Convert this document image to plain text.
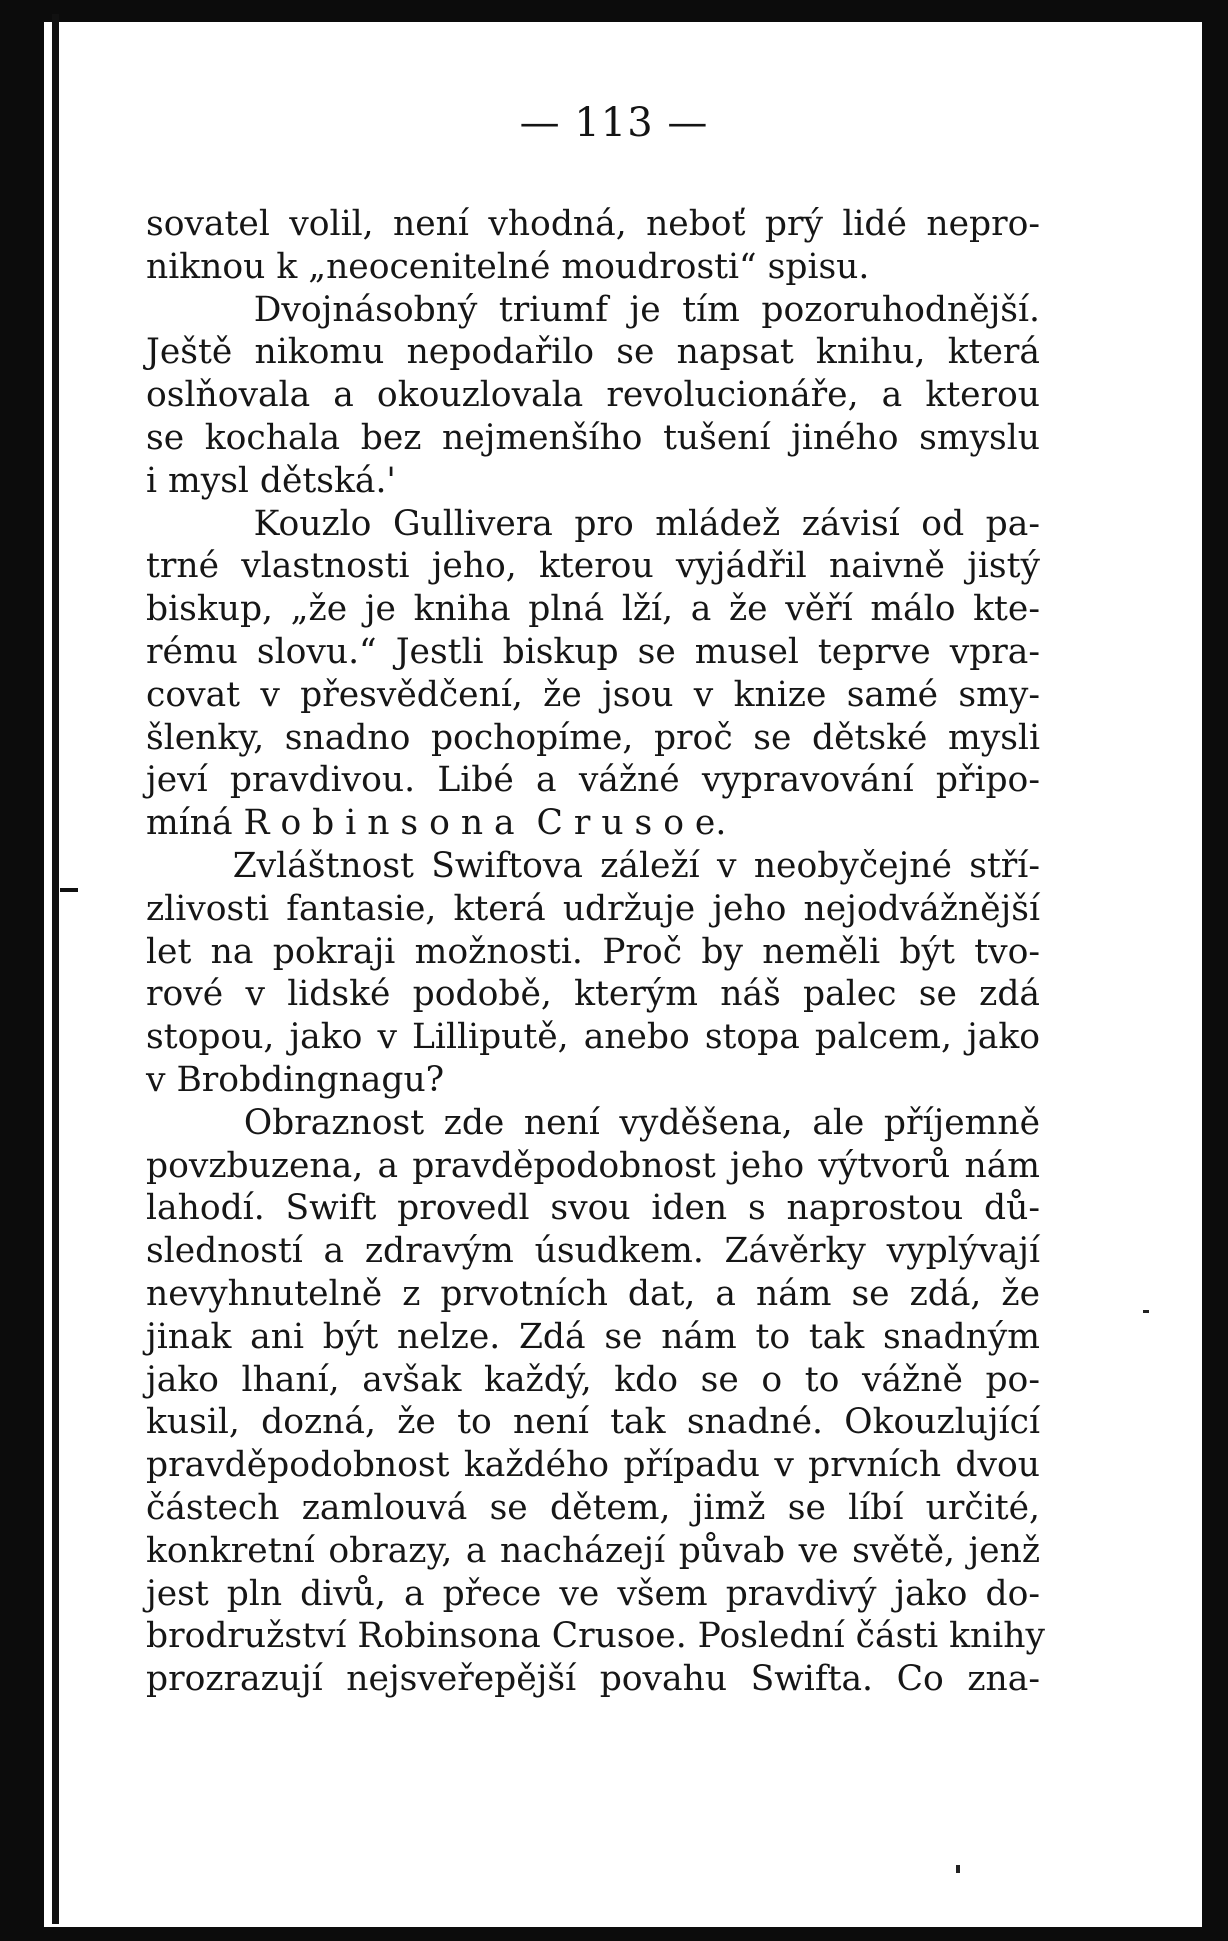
— 113 —
sovatel volil, není vhodná, neboť prý lidé nepro-
niknou k „neocenitelné moudrosti“ spisu.
Dvojnásobný triumf je tím pozoruhodnější.
Ještě nikomu nepodařilo se napsat knihu, která
oslňovala a okouzlovala revolucionáře, a kterou
se kochala bez nejmenšího tušení jiného smyslu
i mysl dětská.'
Kouzlo Gullivera pro mládež závisí od pa-
trné vlastnosti jeho, kterou vyjádřil naivně jistý
biskup, „že je kniha plná lží, a že věří málo kte-
rému slovu.“ Jestli biskup se musel teprve vpra-
covat v přesvědčení, že jsou v knize samé smy-
šlenky, snadno pochopíme, proč se dětské mysli
jeví pravdivou. Libé a vážné vypravování připo-
míná R o b i n s o n a  C r u s o e.
Zvláštnost Swiftova záleží v neobyčejné stří-
zlivosti fantasie, která udržuje jeho nejodvážnější
let na pokraji možnosti. Proč by neměli být tvo-
rové v lidské podobě, kterým náš palec se zdá
stopou, jako v Lilliputě, anebo stopa palcem, jako
v Brobdingnagu?
Obraznost zde není vyděšena, ale příjemně
povzbuzena, a pravděpodobnost jeho výtvorů nám
lahodí. Swift provedl svou iden s naprostou dů-
sledností a zdravým úsudkem. Závěrky vyplývají
nevyhnutelně z prvotních dat, a nám se zdá, že
jinak ani být nelze. Zdá se nám to tak snadným
jako lhaní, avšak každý, kdo se o to vážně po-
kusil, dozná, že to není tak snadné. Okouzlující
pravděpodobnost každého případu v prvních dvou
částech zamlouvá se dětem, jimž se líbí určité,
konkretní obrazy, a nacházejí půvab ve světě, jenž
jest pln divů, a přece ve všem pravdivý jako do-
brodružství Robinsona Crusoe. Poslední části knihy
prozrazují nejsveřepější povahu Swifta. Co zna-
